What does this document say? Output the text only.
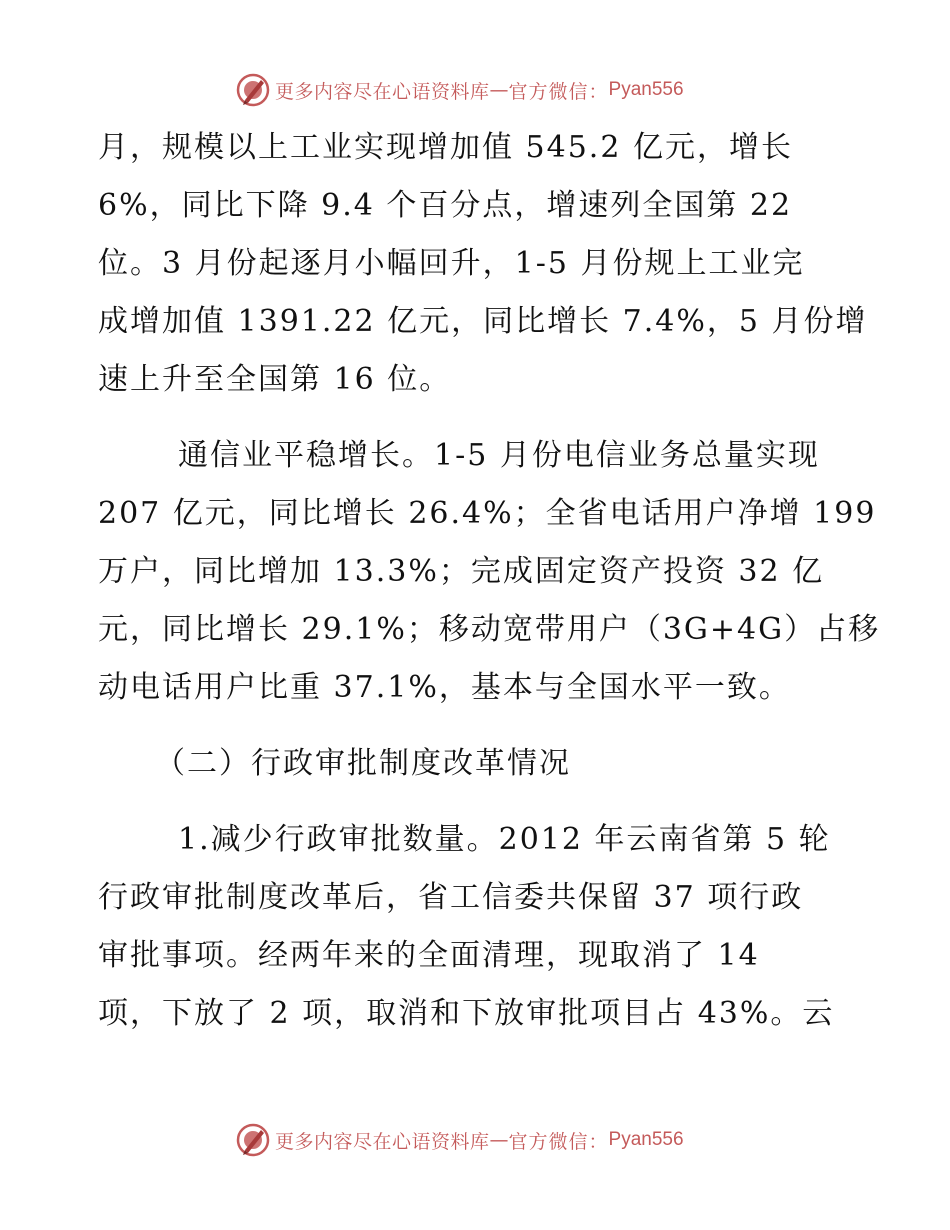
更多内容尽在心语资料库 — 官方微信： Pyan556
月，规模以上工业实现增加值 545.2 亿元，增长
6%，同比下降 9.4 个百分点，增速列全国第 22
位。3 月份起逐月小幅回升，1-5 月份规上工业完
成增加值 1391.22 亿元，同比增长 7.4%，5 月份增
速上升至全国第 16 位。
通信业平稳增长。1-5 月份电信业务总量实现
207 亿元，同比增长 26.4%；全省电话用户净增 199
万户，同比增加 13.3%；完成固定资产投资 32 亿
元，同比增长 29.1%；移动宽带用户（3G+4G）占移
动电话用户比重 37.1%，基本与全国水平一致。
（二）行政审批制度改革情况
1.减少行政审批数量。2012 年云南省第 5 轮
行政审批制度改革后，省工信委共保留 37 项行政
审批事项。经两年来的全面清理，现取消了 14
项，下放了 2 项，取消和下放审批项目占 43%。云
更多内容尽在心语资料库 — 官方微信： Pyan556
